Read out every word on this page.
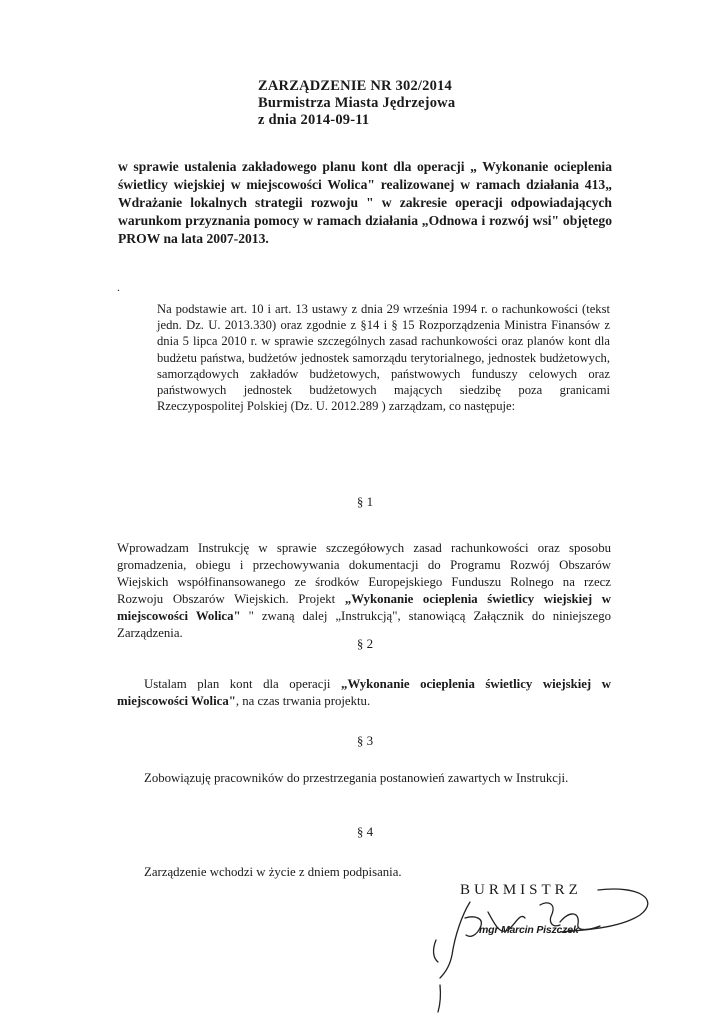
ZARZĄDZENIE NR 302/2014
Burmistrza Miasta Jędrzejowa
z dnia 2014-09-11
w sprawie ustalenia zakładowego planu kont dla operacji „ Wykonanie ocieplenia świetlicy wiejskiej w miejscowości Wolica" realizowanej w ramach działania 413„ Wdrażanie lokalnych strategii rozwoju " w zakresie operacji odpowiadających warunkom przyznania pomocy w ramach działania „Odnowa i rozwój wsi" objętego PROW na lata 2007-2013.
.
Na podstawie art. 10 i art. 13 ustawy z dnia 29 września 1994 r. o rachunkowości (tekst jedn. Dz. U. 2013.330) oraz zgodnie z §14 i § 15 Rozporządzenia Ministra Finansów z dnia 5 lipca 2010 r. w sprawie szczególnych zasad rachunkowości oraz planów kont dla budżetu państwa, budżetów jednostek samorządu terytorialnego, jednostek budżetowych, samorządowych zakładów budżetowych, państwowych funduszy celowych oraz państwowych jednostek budżetowych mających siedzibę poza granicami Rzeczypospolitej Polskiej (Dz. U. 2012.289 ) zarządzam, co następuje:
§ 1
Wprowadzam Instrukcję w sprawie szczegółowych zasad rachunkowości oraz sposobu gromadzenia, obiegu i przechowywania dokumentacji do Programu Rozwój Obszarów Wiejskich współfinansowanego ze środków Europejskiego Funduszu Rolnego na rzecz Rozwoju Obszarów Wiejskich. Projekt „Wykonanie ocieplenia świetlicy wiejskiej w miejscowości Wolica" " zwaną dalej „Instrukcją", stanowiącą Załącznik do niniejszego Zarządzenia.
§ 2
Ustalam plan kont dla operacji „Wykonanie ocieplenia świetlicy wiejskiej w miejscowości Wolica", na czas trwania projektu.
§ 3
Zobowiązuję pracowników do przestrzegania postanowień zawartych w Instrukcji.
§ 4
Zarządzenie wchodzi w życie z dniem podpisania.
BURMISTRZ
mgr Marcin Piszczek
